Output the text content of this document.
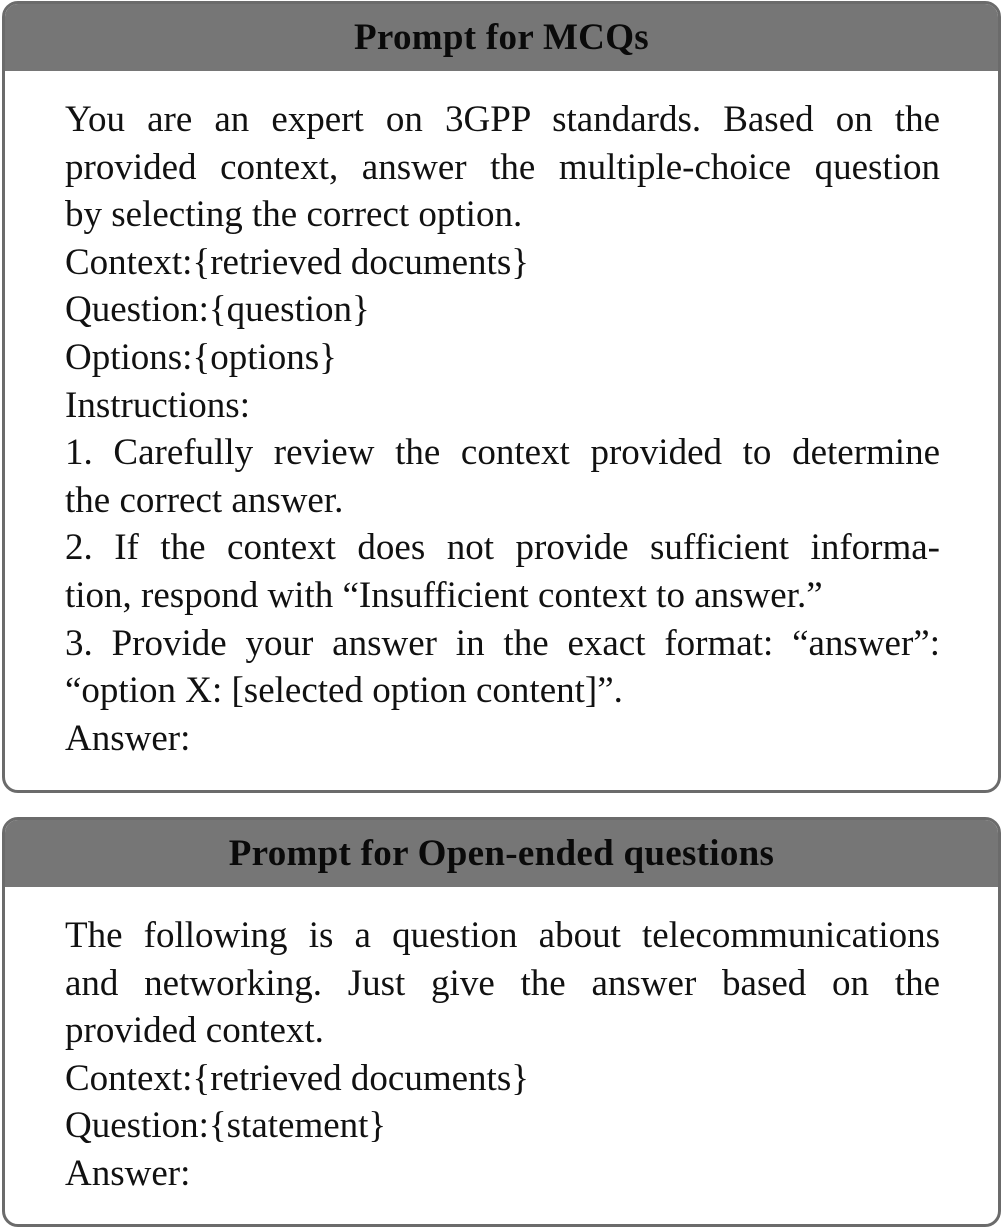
Prompt for MCQs
You are an expert on 3GPP standards. Based on the
provided context, answer the multiple-choice question
by selecting the correct option.
Context:{retrieved documents}
Question:{question}
Options:{options}
Instructions:
1. Carefully review the context provided to determine
the correct answer.
2. If the context does not provide sufficient informa-
tion, respond with “Insufficient context to answer.”
3. Provide your answer in the exact format: “answer”:
“option X: [selected option content]”.
Answer:
Prompt for Open-ended questions
The following is a question about telecommunications
and networking. Just give the answer based on the
provided context.
Context:{retrieved documents}
Question:{statement}
Answer:
